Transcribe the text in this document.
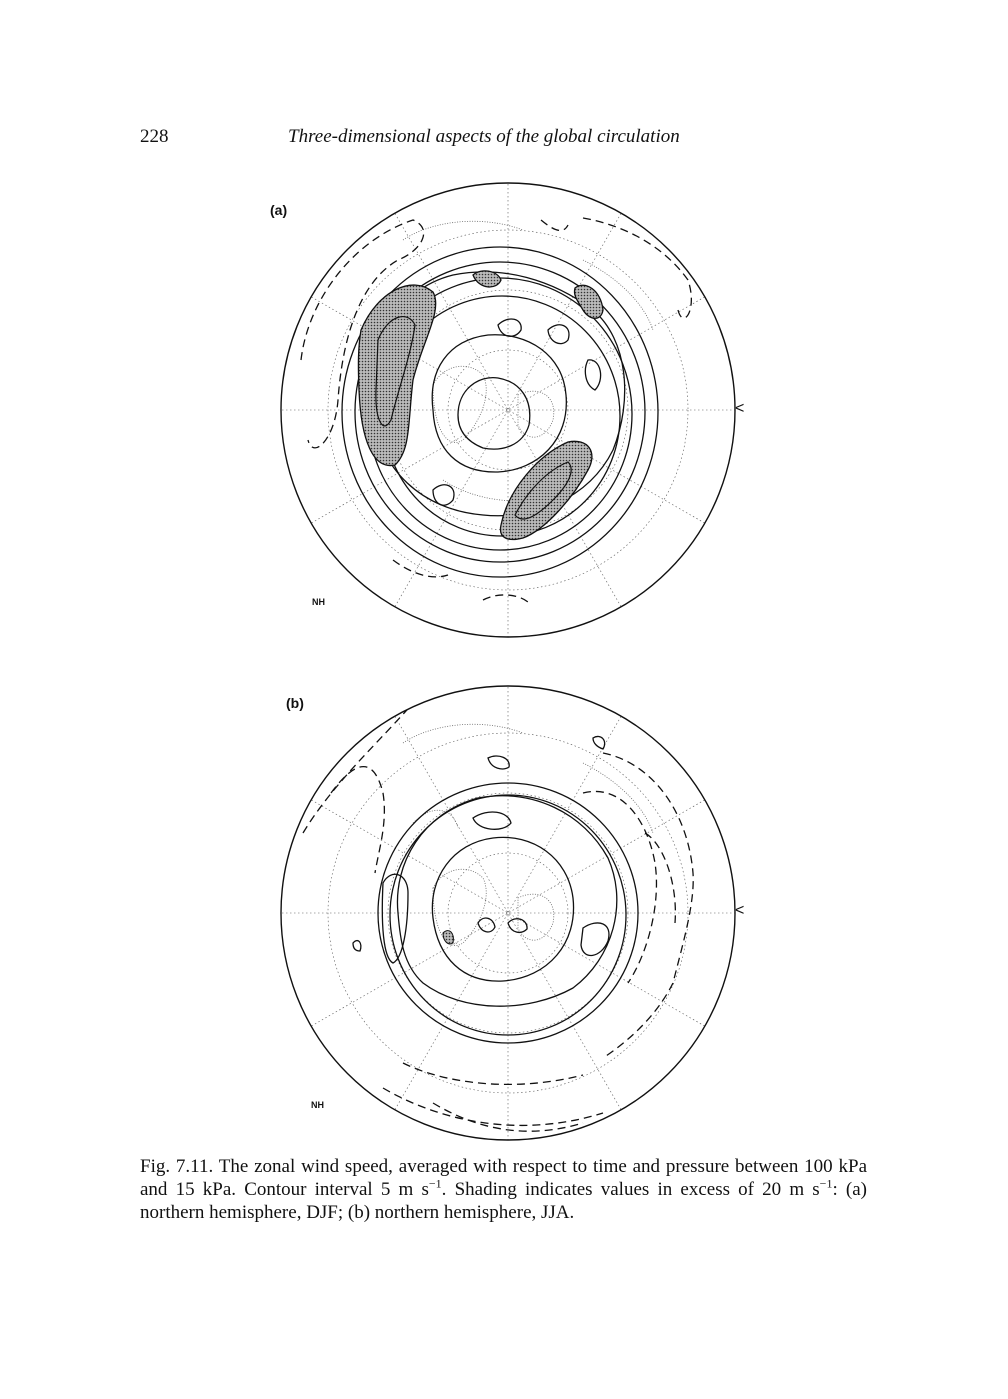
228	Three-dimensional aspects of the global circulation
(a)
NH
<
(b)
NH
<
Fig. 7.11. The zonal wind speed, averaged with respect to time and pressure between 100 kPa and 15 kPa. Contour interval 5 m $s^{-1}$. Shading indicates values in excess of 20 m $s^{-1}$: (a) northern hemisphere, DJF; (b) northern hemisphere, JJA.
